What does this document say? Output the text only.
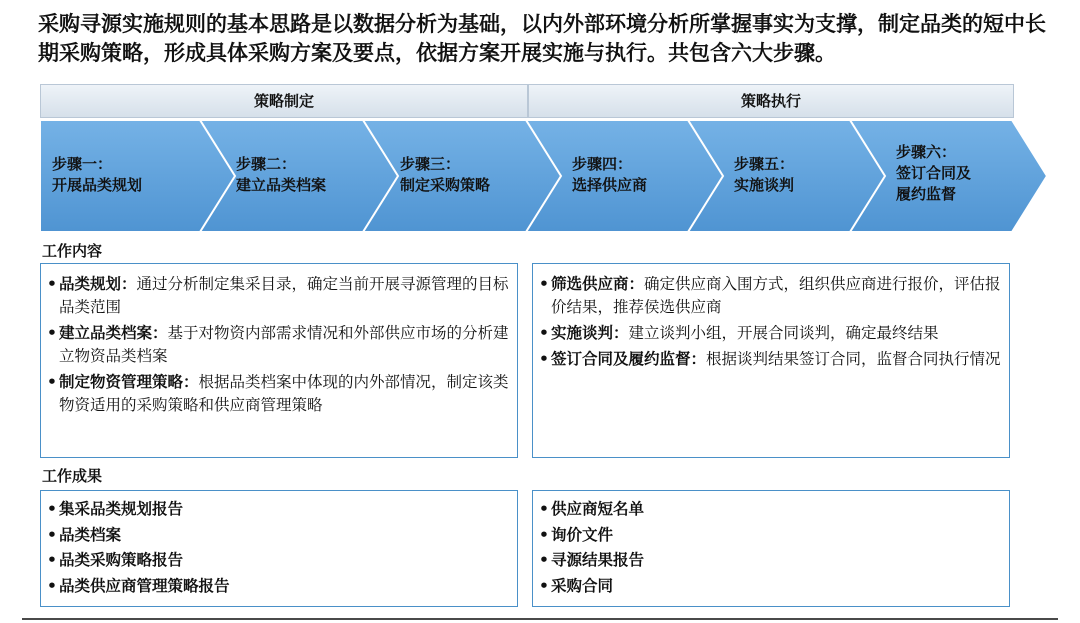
采购寻源实施规则的基本思路是以数据分析为基础，以内外部环境分析所掌握事实为支撑，制定品类的短中长期采购策略，形成具体采购方案及要点，依据方案开展实施与执行。共包含六大步骤。
策略制定	策略执行
步骤一：
开展品类规划
步骤二：
建立品类档案
步骤三：
制定采购策略
步骤四：
选择供应商
步骤五：
实施谈判
步骤六：
签订合同及
履约监督
工作内容
• 品类规划：通过分析制定集采目录，确定当前开展寻源管理的目标品类范围
• 建立品类档案：基于对物资内部需求情况和外部供应市场的分析建立物资品类档案
• 制定物资管理策略：根据品类档案中体现的内外部情况，制定该类物资适用的采购策略和供应商管理策略
• 筛选供应商：确定供应商入围方式，组织供应商进行报价，评估报价结果，推荐侯选供应商
• 实施谈判：建立谈判小组，开展合同谈判，确定最终结果
• 签订合同及履约监督：根据谈判结果签订合同，监督合同执行情况
工作成果
• 集采品类规划报告
• 品类档案
• 品类采购策略报告
• 品类供应商管理策略报告
• 供应商短名单
• 询价文件
• 寻源结果报告
• 采购合同
